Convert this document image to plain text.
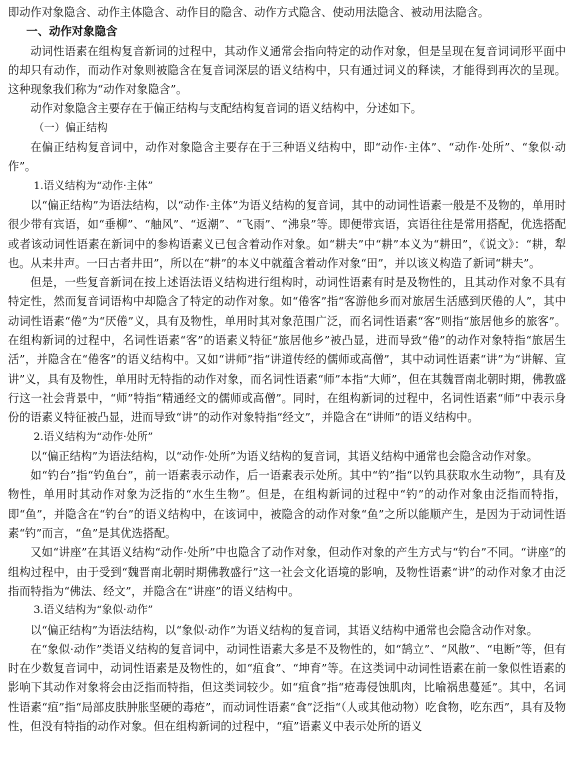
即动作对象隐含、动作主体隐含、动作目的隐含、动作方式隐含、使动用法隐含、被动用法隐含。

一、动作对象隐含

动词性语素在组构复音新词的过程中，其动作义通常会指向特定的动作对象，但是呈现在复音词词形平面中的却只有动作，而动作对象则被隐含在复音词深层的语义结构中，只有通过词义的释读，才能得到再次的呈现。这种现象我们称为“动作对象隐含”。

动作对象隐含主要存在于偏正结构与支配结构复音词的语义结构中，分述如下。

（一）偏正结构

在偏正结构复音词中，动作对象隐含主要存在于三种语义结构中，即“动作·主体”、“动作·处所”、“象似·动作”。

1.语义结构为“动作·主体”

以“偏正结构”为语法结构，以“动作·主体”为语义结构的复音词，其中的动词性语素一般是不及物的，单用时很少带有宾语，如“垂柳”、“舳风”、“返潮”、“飞雨”、“沸泉”等。即便带宾语，宾语往往是常用搭配，优选搭配或者该动词性语素在新词中的参构语素义已包含着动作对象。如“耕夫”中“耕”本义为“耕田”，《说文》：“耕，犁也。从耒井声。一曰古者井田”，所以在“耕”的本义中就蕴含着动作对象“田”，并以该义构造了新词“耕夫”。

但是，一些复音新词在按上述语法语义结构进行组构时，动词性语素有时是及物性的，且其动作对象不具有特定性，然而复音词语构中却隐含了特定的动作对象。如“倦客”指“客游他乡而对旅居生活感到厌倦的人”，其中动词性语素“倦”为“厌倦”义，具有及物性，单用时其对象范围广泛，而名词性语素“客”则指“旅居他乡的旅客”。在组构新词的过程中，名词性语素“客”的语素义特征“旅居他乡”被凸显，进而导致“倦”的动作对象特指“旅居生活”，并隐含在“倦客”的语义结构中。又如“讲师”指“讲道传经的儒师或高僧”，其中动词性语素“讲”为“讲解、宣讲”义，具有及物性，单用时无特指的动作对象，而名词性语素“师”本指“大师”，但在其魏晋南北朝时期，佛教盛行这一社会背景中，“师”特指“精通经文的儒师或高僧”。同时，在组构新词的过程中，名词性语素“师”中表示身份的语素义特征被凸显，进而导致“讲”的动作对象特指“经文”，并隐含在“讲师”的语义结构中。

2.语义结构为“动作·处所”

以“偏正结构”为语法结构，以“动作·处所”为语义结构的复音词，其语义结构中通常也会隐含动作对象。

如“钓台”指“钓鱼台”，前一语素表示动作，后一语素表示处所。其中“钓”指“以钓具获取水生动物”，具有及物性，单用时其动作对象为泛指的“水生生物”。但是，在组构新词的过程中“钓”的动作对象由泛指而特指，即“鱼”，并隐含在“钓台”的语义结构中，在该词中，被隐含的动作对象“鱼”之所以能顺产生，是因为于动词性语素“钓”而言，“鱼”是其优选搭配。

又如“讲座”在其语义结构“动作·处所”中也隐含了动作对象，但动作对象的产生方式与“钓台”不同。“讲座”的组构过程中，由于受到“魏晋南北朝时期佛教盛行”这一社会文化语境的影响，及物性语素“讲”的动作对象才由泛指而特指为“佛法、经文”，并隐含在“讲座”的语义结构中。

3.语义结构为“象似·动作”

以“偏正结构”为语法结构，以“象似·动作”为语义结构的复音词，其语义结构中通常也会隐含动作对象。

在“象似·动作”类语义结构的复音词中，动词性语素大多是不及物性的，如“鹄立”、“风散”、“电断”等，但有时在少数复音词中，动词性语素是及物性的，如“疽食”、“坤育”等。在这类词中动词性语素在前一象似性语素的影响下其动作对象将会由泛指而特指，但这类词较少。如“疽食”指“疮毒侵蚀肌肉，比喻祸患蔓延”。其中，名词性语素“疽”指“局部皮肤肿胀坚硬的毒疮”，而动词性语素“食”泛指“（人或其他动物）吃食物，吃东西”，具有及物性，但没有特指的动作对象。但在组构新词的过程中，“疽”语素义中表示处所的语义
